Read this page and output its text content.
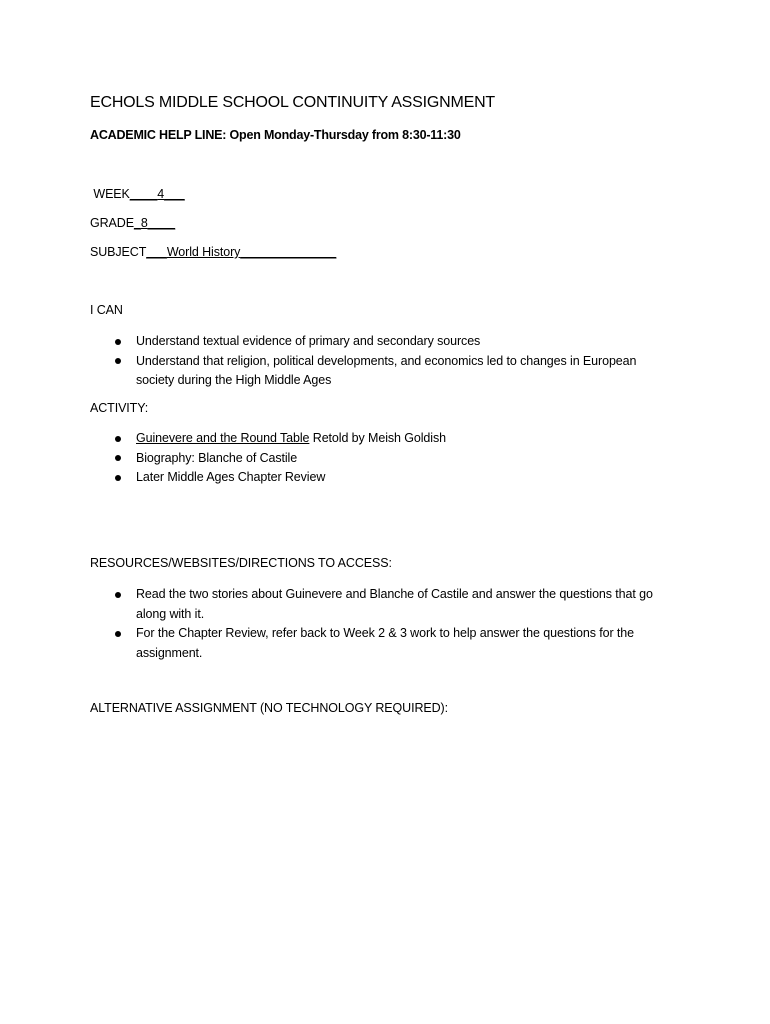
ECHOLS MIDDLE SCHOOL CONTINUITY ASSIGNMENT
ACADEMIC HELP LINE: Open Monday-Thursday from 8:30-11:30
WEEK____4___
GRADE_8____
SUBJECT___World History______________
I CAN
Understand textual evidence of primary and secondary sources
Understand that religion, political developments, and economics led to changes in European society during the High Middle Ages
ACTIVITY:
Guinevere and the Round Table Retold by Meish Goldish
Biography: Blanche of Castile
Later Middle Ages Chapter Review
RESOURCES/WEBSITES/DIRECTIONS TO ACCESS:
Read the two stories about Guinevere and Blanche of Castile and answer the questions that go along with it.
For the Chapter Review, refer back to Week 2 & 3 work to help answer the questions for the assignment.
ALTERNATIVE ASSIGNMENT (NO TECHNOLOGY REQUIRED):
